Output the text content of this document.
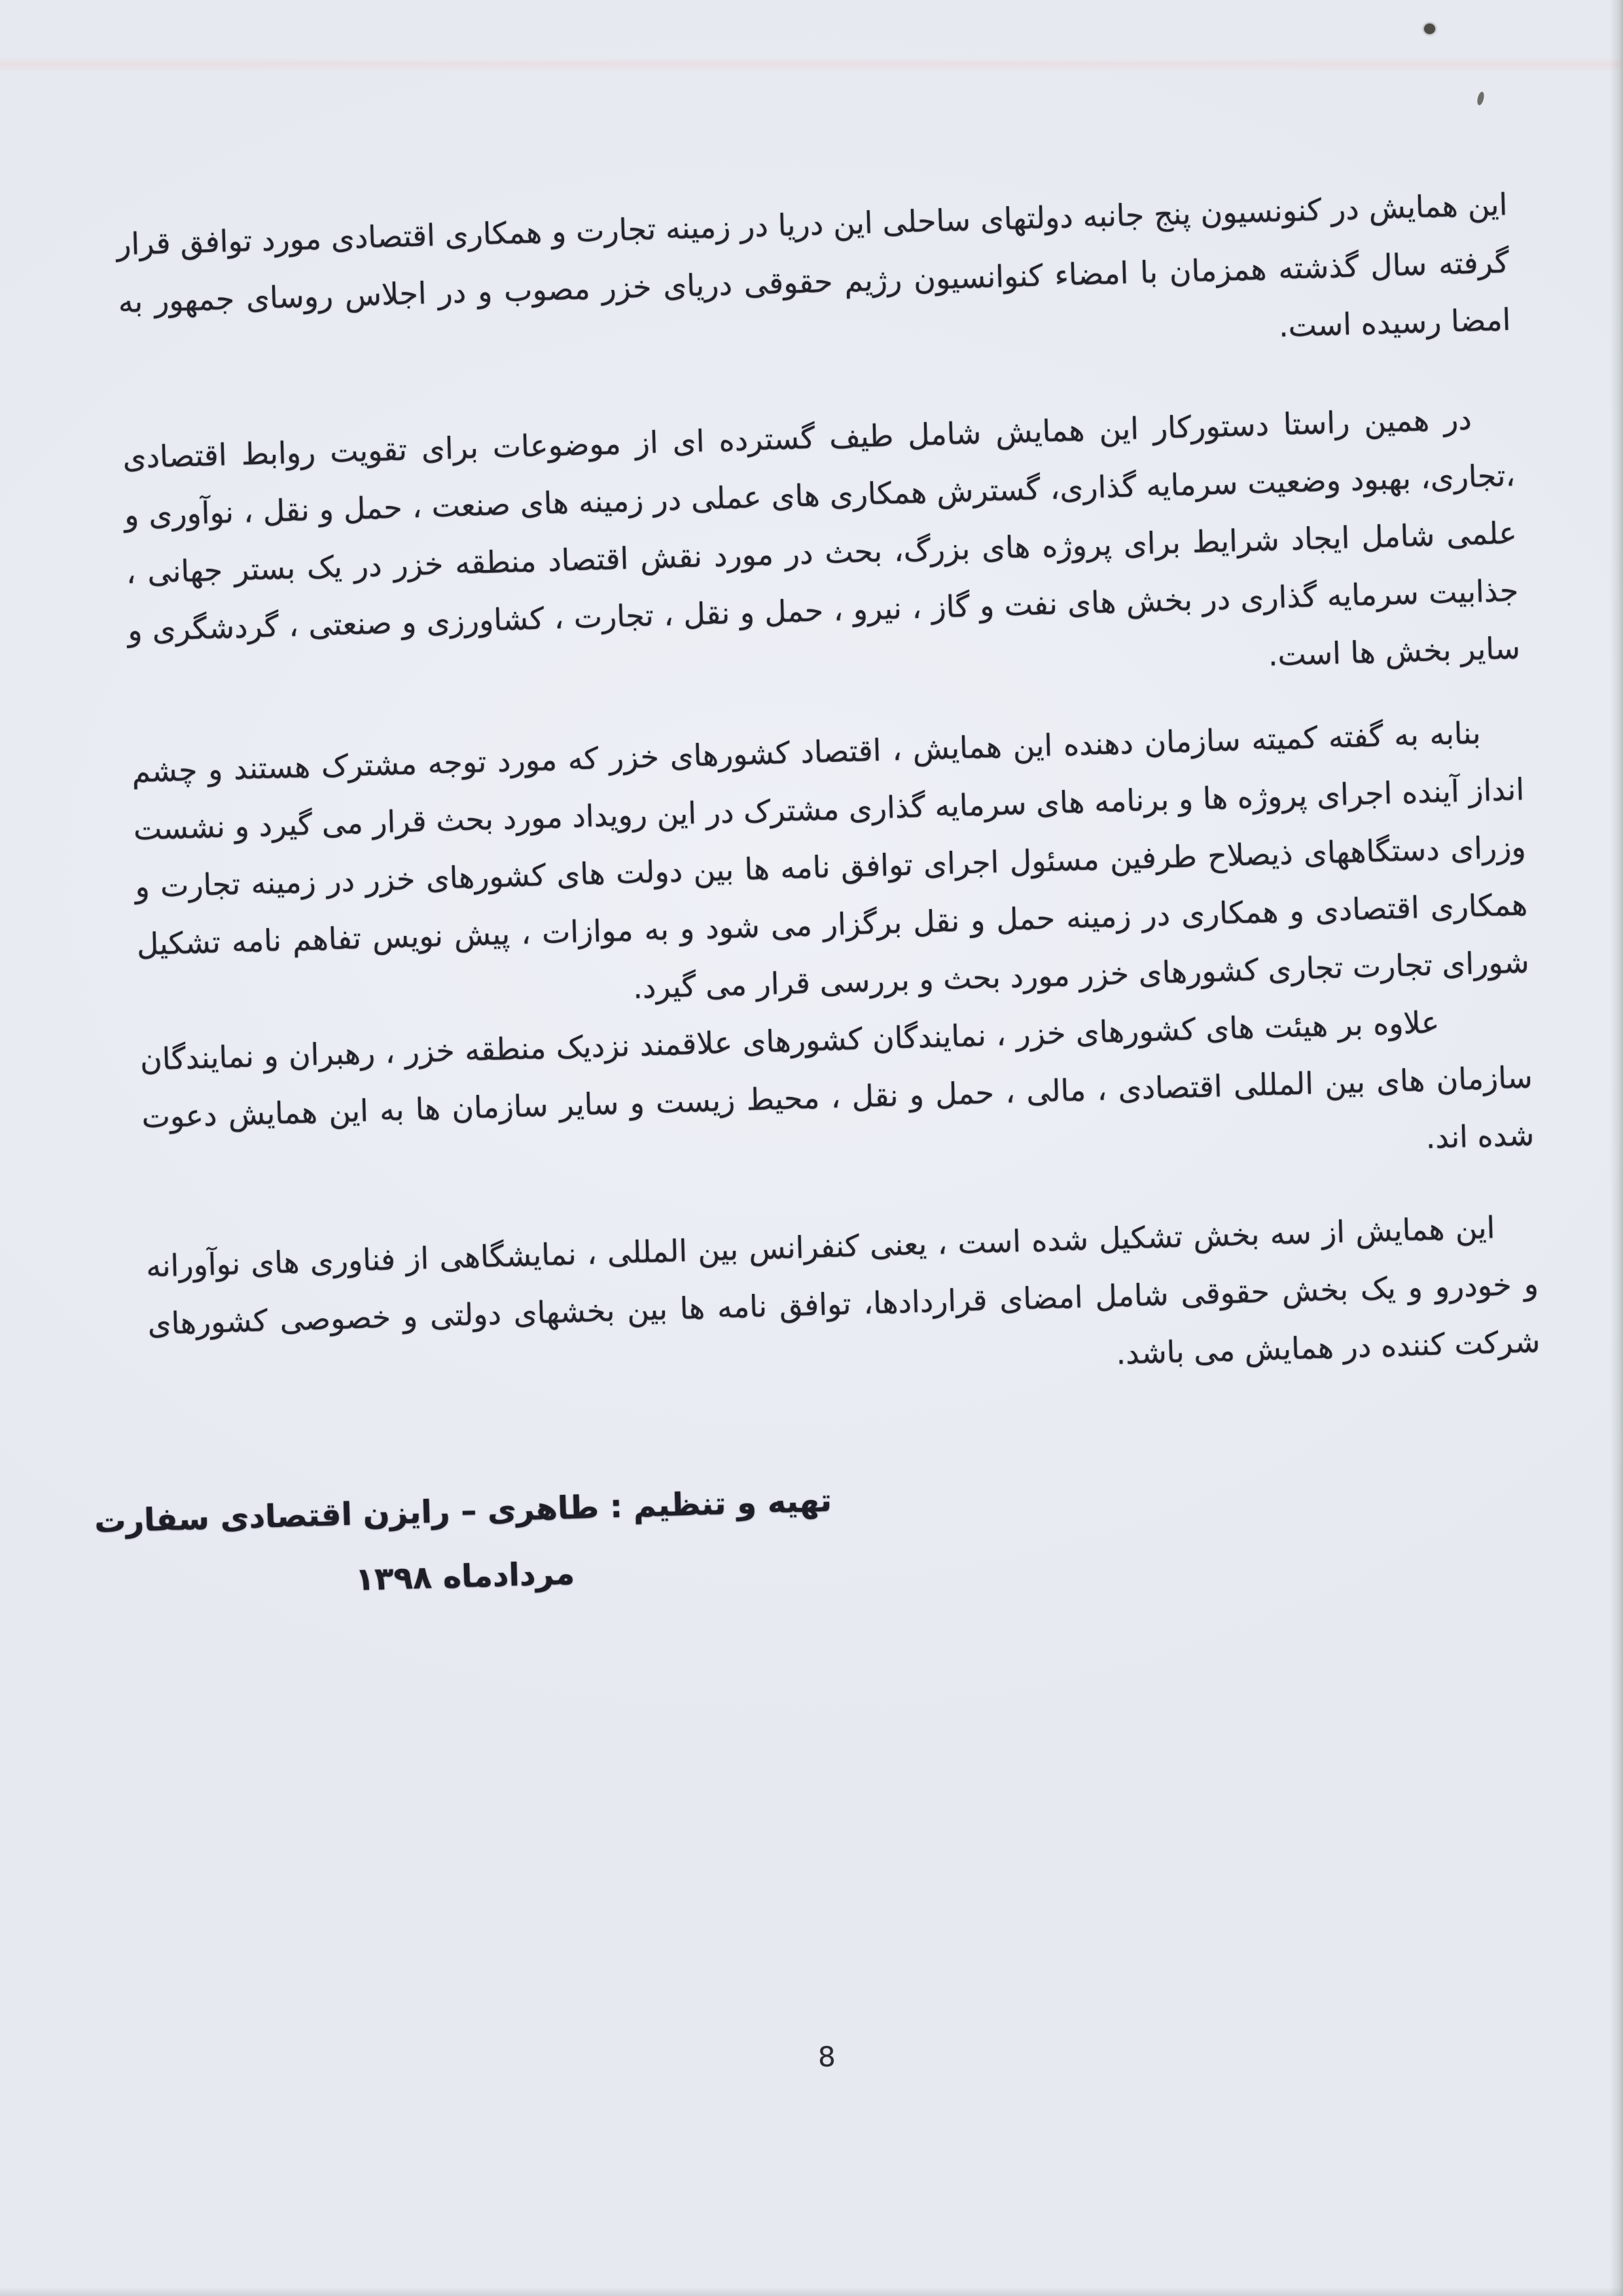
این همایش در کنونسیون پنج جانبه دولتهای ساحلی این دریا در زمینه تجارت و همکاری اقتصادی مورد توافق قرار گرفته سال گذشته همزمان با امضاء کنوانسیون رژیم حقوقی دریای خزر مصوب و در اجلاس روسای جمهور به امضا رسیده است.
در همین راستا دستورکار این همایش شامل طیف گسترده ای از موضوعات برای تقویت روابط اقتصادی ،تجاری، بهبود وضعیت سرمایه گذاری، گسترش همکاری های عملی در زمینه های صنعت ، حمل و نقل ، نوآوری و علمی شامل ایجاد شرایط برای پروژه های بزرگ، بحث در مورد نقش اقتصاد منطقه خزر در یک بستر جهانی ، جذابیت سرمایه گذاری در بخش های نفت و گاز ، نیرو ، حمل و نقل ، تجارت ، کشاورزی و صنعتی ، گردشگری و سایر بخش ها است.
بنابه به گفته کمیته سازمان دهنده این همایش ، اقتصاد کشورهای خزر که مورد توجه مشترک هستند و چشم انداز آینده اجرای پروژه ها و برنامه های سرمایه گذاری مشترک در این رویداد مورد بحث قرار می گیرد و نشست وزرای دستگاههای ذیصلاح طرفین مسئول اجرای توافق نامه ها بین دولت های کشورهای خزر در زمینه تجارت و همکاری اقتصادی و همکاری در زمینه حمل و نقل برگزار می شود و به موازات ، پیش نویس تفاهم نامه تشکیل شورای تجارت تجاری کشورهای خزر مورد بحث و بررسی قرار می گیرد.
علاوه بر هیئت های کشورهای خزر ، نمایندگان کشورهای علاقمند نزدیک منطقه خزر ، رهبران و نمایندگان سازمان های بین المللی اقتصادی ، مالی ، حمل و نقل ، محیط زیست و سایر سازمان ها به این همایش دعوت شده اند.
این همایش از سه بخش تشکیل شده است ، یعنی کنفرانس بین المللی ، نمایشگاهی از فناوری های نوآورانه و خودرو و یک بخش حقوقی شامل امضای قراردادها، توافق نامه ها بین بخشهای دولتی و خصوصی کشورهای شرکت کننده در همایش می باشد.
تهیه و تنظیم : طاهری – رایزن اقتصادی سفارت
مردادماه ۱۳۹۸
8
